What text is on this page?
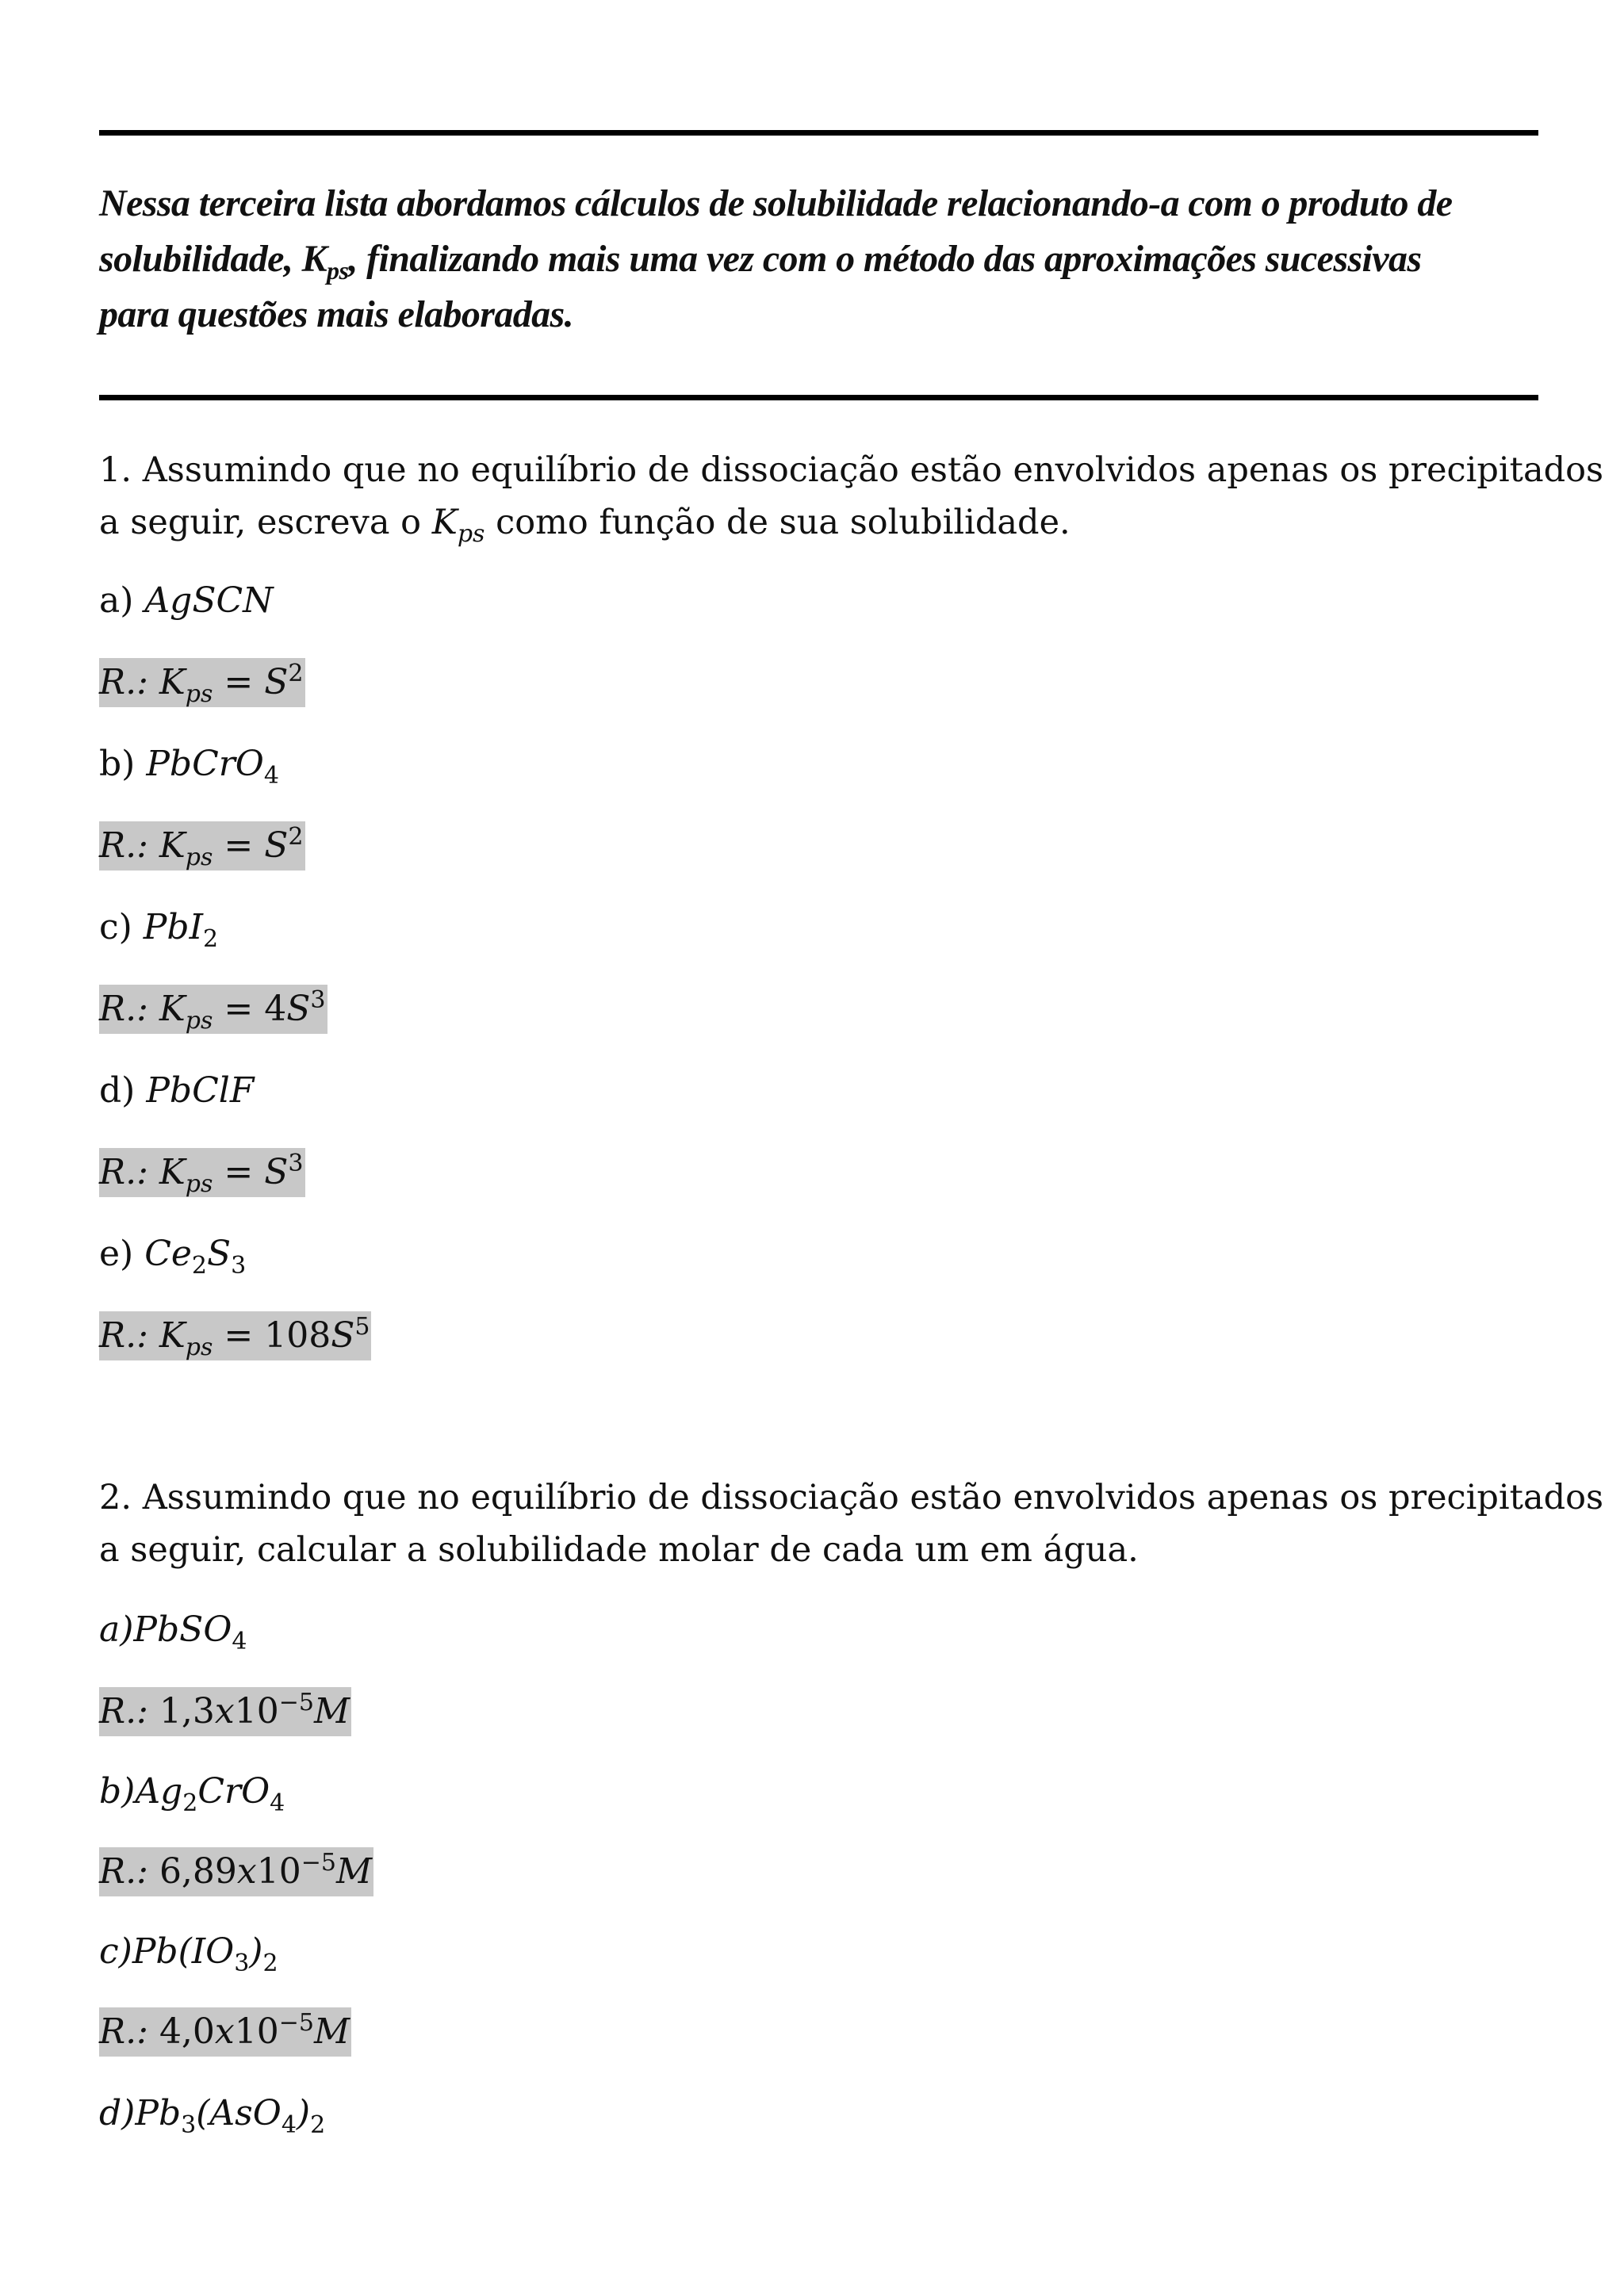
Nessa terceira lista abordamos cálculos de solubilidade relacionando-a com o produto de
solubilidade, $K_{ps}$, finalizando mais uma vez com o método das aproximações sucessivas
para questões mais elaboradas.

1. Assumindo que no equilíbrio de dissociação estão envolvidos apenas os precipitados
a seguir, escreva o $K_{ps}$ como função de sua solubilidade.

a) AgSCN
R.: $K_{ps} = S^2$
b) PbCrO$_4$
R.: $K_{ps} = S^2$
c) PbI$_2$
R.: $K_{ps} = 4S^3$
d) PbClF
R.: $K_{ps} = S^3$
e) $Ce_2S_3$
R.: $K_{ps} = 108S^5$

2. Assumindo que no equilíbrio de dissociação estão envolvidos apenas os precipitados
a seguir, calcular a solubilidade molar de cada um em água.

a)PbSO$_4$
R.: $1,3x10^{-5}M$
$b)Ag_2CrO_4$
R.: $6,89x10^{-5}M$
$c)Pb(IO_3)_2$
R.: $4,0x10^{-5}M$
$d)Pb_3(AsO_4)_2$
